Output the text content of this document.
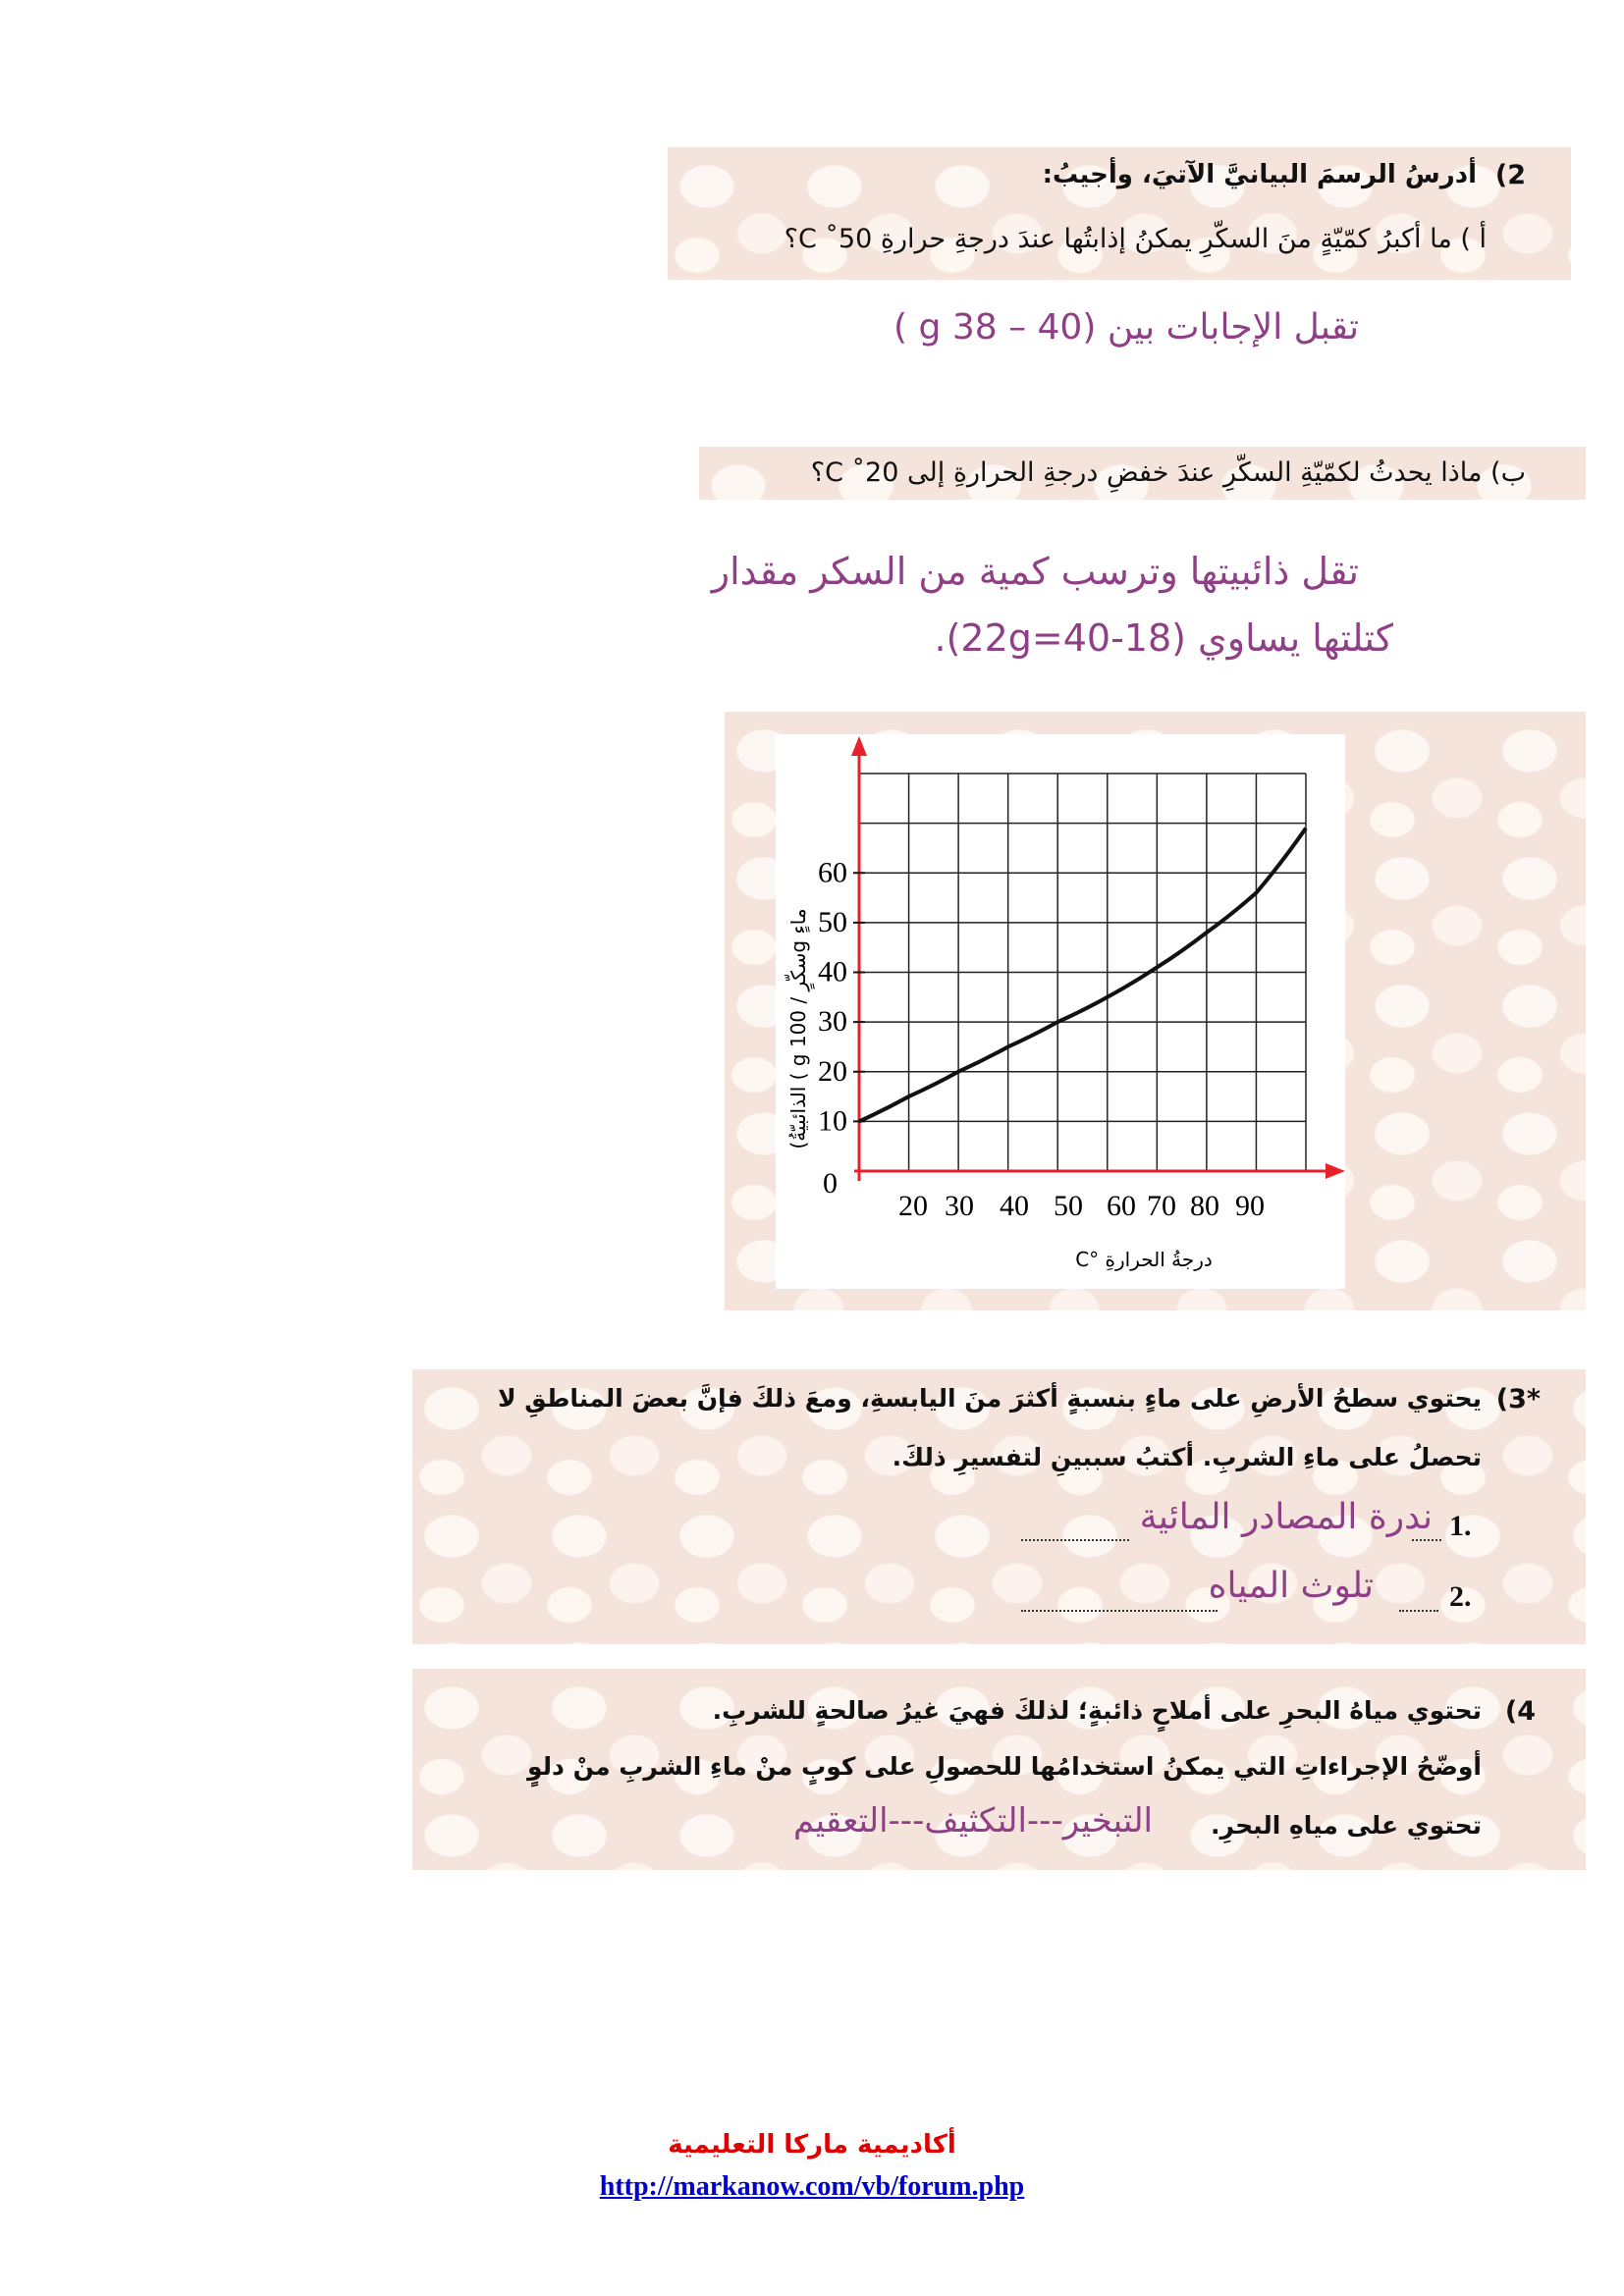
2)
أدرسُ الرسمَ البيانيَّ الآتيَ، وأجيبُ:
أ ) ما أكبرُ كمّيّةٍ منَ السكّرِ يمكنُ إذابتُها عندَ درجةِ حرارةِ C ˚50؟
تقبل الإجابات بين (40 – 38 g )
ب) ماذا يحدثُ لكمّيّةِ السكّرِ عندَ خفضِ درجةِ الحرارةِ إلى C ˚20؟
تقل ذائبيتها وترسب كمية من السكر مقدار
كتلتها يساوي (18-40=22g).
0
10
20
30
40
50
60
20 30 40 50 60 70 80 90
(الذائبيّةُ ( g سكّرٍ / 100g ماءٍ
درجةُ الحرارةِ °C
*3)
يحتوي سطحُ الأرضِ على ماءٍ بنسبةٍ أكثرَ منَ اليابسةِ، ومعَ ذلكَ فإنَّ بعضَ المناطقِ لا
تحصلُ على ماءِ الشربِ. أكتبُ سببينِ لتفسيرِ ذلكَ.
1.
ندرة المصادر المائية
2.
تلوث المياه
4)
تحتوي مياهُ البحرِ على أملاحٍ ذائبةٍ؛ لذلكَ فهيَ غيرُ صالحةٍ للشربِ.
أوضّحُ الإجراءاتِ التي يمكنُ استخدامُها للحصولِ على كوبٍ منْ ماءِ الشربِ منْ دلوٍ
تحتوي على مياهِ البحرِ.
التبخير---التكثيف---التعقيم
أكاديمية ماركا التعليمية
http://markanow.com/vb/forum.php
